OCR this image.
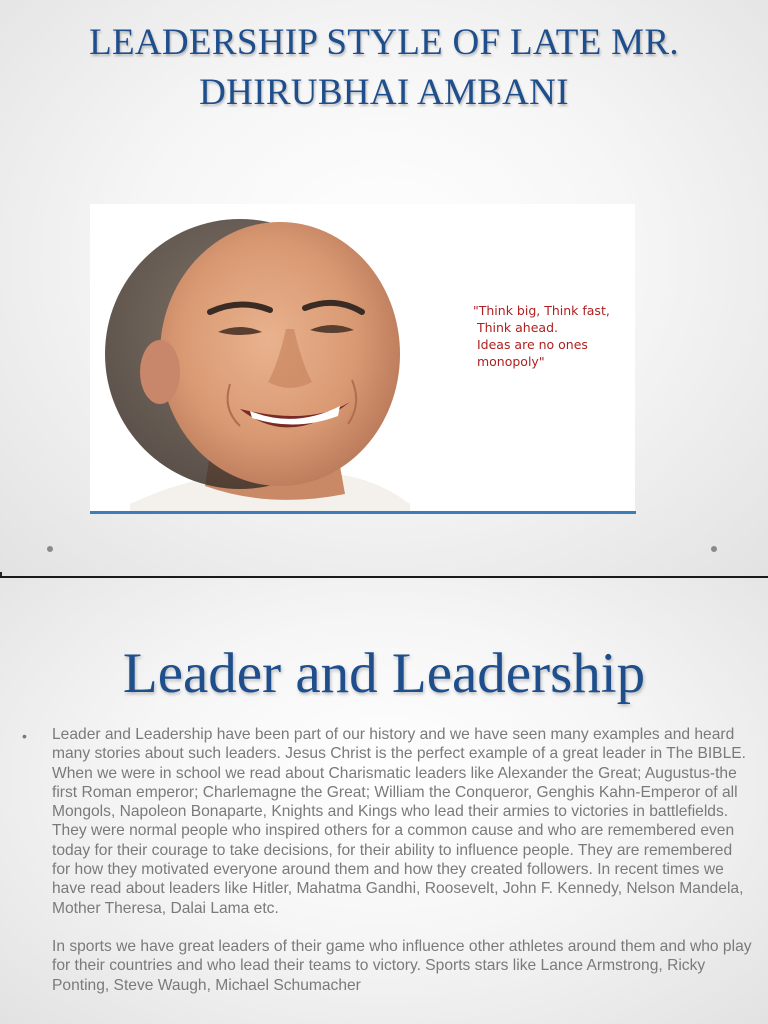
LEADERSHIP STYLE OF LATE MR. DHIRUBHAI AMBANI
"Think big, Think fast,
Think ahead.
Ideas are no ones
monopoly"
Leader and Leadership
• Leader and Leadership have been part of our history and we have seen many examples and heard many stories about such leaders. Jesus Christ is the perfect example of a great leader in The BIBLE. When we were in school we read about Charismatic leaders like Alexander the Great; Augustus-the first Roman emperor; Charlemagne the Great; William the Conqueror, Genghis Kahn-Emperor of all Mongols, Napoleon Bonaparte, Knights and Kings who lead their armies to victories in battlefields. They were normal people who inspired others for a common cause and who are remembered even today for their courage to take decisions, for their ability to influence people. They are remembered for how they motivated everyone around them and how they created followers. In recent times we have read about leaders like Hitler, Mahatma Gandhi, Roosevelt, John F. Kennedy, Nelson Mandela, Mother Theresa, Dalai Lama etc.

In sports we have great leaders of their game who influence other athletes around them and who play for their countries and who lead their teams to victory. Sports stars like Lance Armstrong, Ricky Ponting, Steve Waugh, Michael Schumacher
